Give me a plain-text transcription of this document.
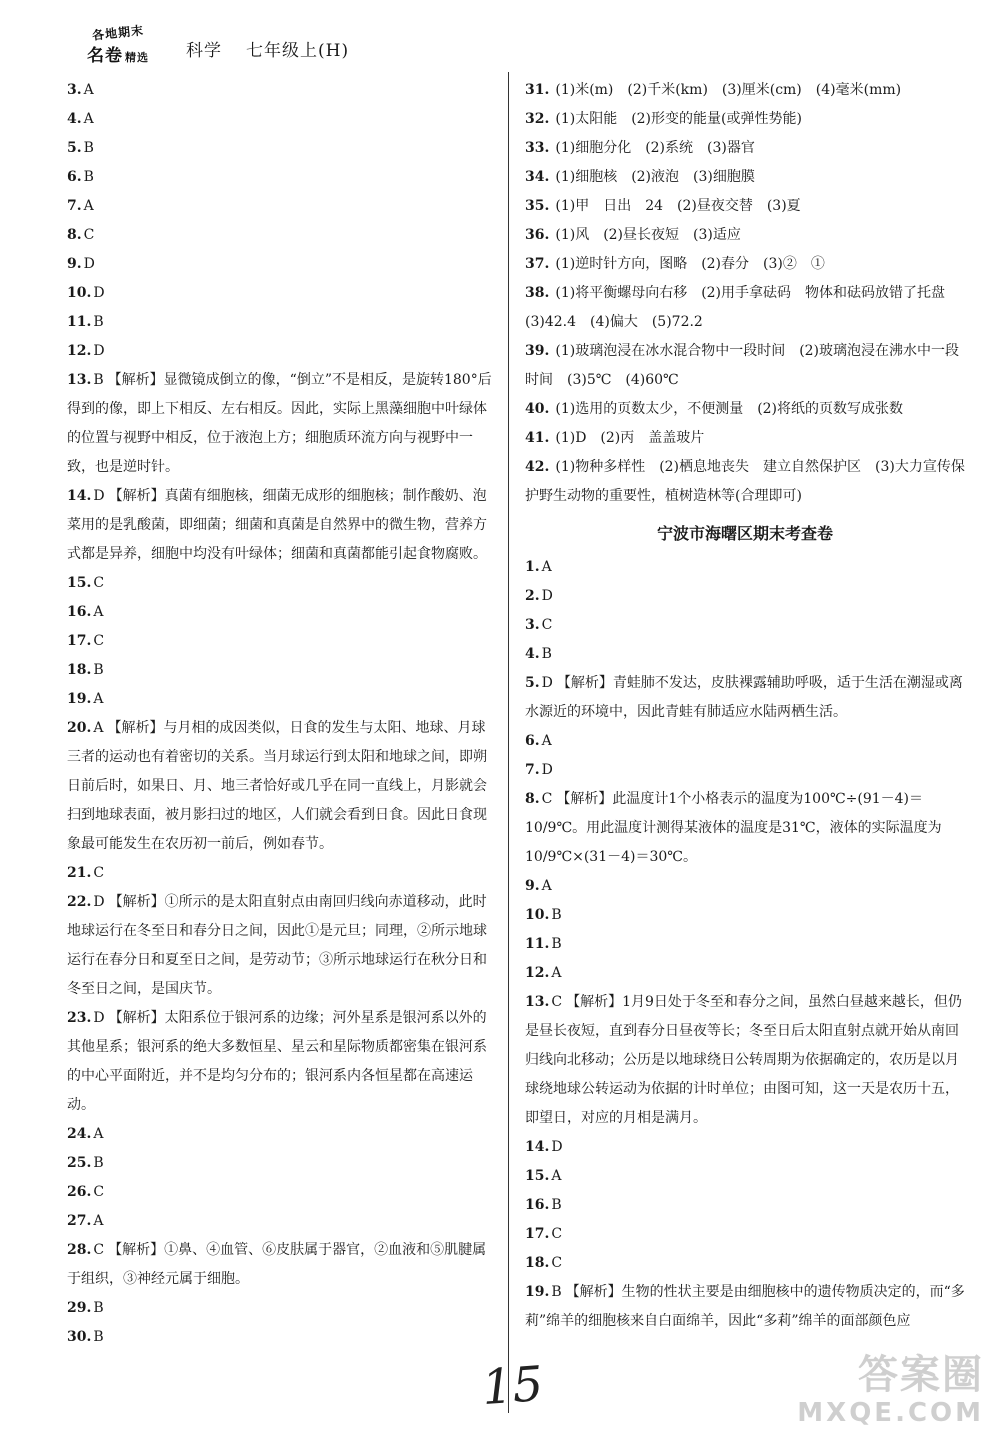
各地期末
名卷 精选 科学 七年级上(H)
3. A
4. A
5. B
6. B
7. A
8. C
9. D
10. D
11. B
12. D
13. B 【解析】显微镜成倒立的像，“倒立”不是相反，是旋转180°后得到的像，即上下相反、左右相反。因此，实际上黑藻细胞中叶绿体的位置与视野中相反，位于液泡上方；细胞质环流方向与视野中一致，也是逆时针。
14. D 【解析】真菌有细胞核，细菌无成形的细胞核；制作酸奶、泡菜用的是乳酸菌，即细菌；细菌和真菌是自然界中的微生物，营养方式都是异养，细胞中均没有叶绿体；细菌和真菌都能引起食物腐败。
15. C
16. A
17. C
18. B
19. A
20. A 【解析】与月相的成因类似，日食的发生与太阳、地球、月球三者的运动也有着密切的关系。当月球运行到太阳和地球之间，即朔日前后时，如果日、月、地三者恰好或几乎在同一直线上，月影就会扫到地球表面，被月影扫过的地区，人们就会看到日食。因此日食现象最可能发生在农历初一前后，例如春节。
21. C
22. D 【解析】①所示的是太阳直射点由南回归线向赤道移动，此时地球运行在冬至日和春分日之间，因此①是元旦；同理，②所示地球运行在春分日和夏至日之间，是劳动节；③所示地球运行在秋分日和冬至日之间，是国庆节。
23. D 【解析】太阳系位于银河系的边缘；河外星系是银河系以外的其他星系；银河系的绝大多数恒星、星云和星际物质都密集在银河系的中心平面附近，并不是均匀分布的；银河系内各恒星都在高速运动。
24. A
25. B
26. C
27. A
28. C 【解析】①鼻、④血管、⑥皮肤属于器官，②血液和⑤肌腱属于组织，③神经元属于细胞。
29. B
30. B
31. (1)米(m)　(2)千米(km)　(3)厘米(cm)　(4)毫米(mm)
32. (1)太阳能　(2)形变的能量(或弹性势能)
33. (1)细胞分化　(2)系统　(3)器官
34. (1)细胞核　(2)液泡　(3)细胞膜
35. (1)甲　日出　24　(2)昼夜交替　(3)夏
36. (1)风　(2)昼长夜短　(3)适应
37. (1)逆时针方向，图略　(2)春分　(3)②　①
38. (1)将平衡螺母向右移　(2)用手拿砝码　物体和砝码放错了托盘　(3)42.4　(4)偏大　(5)72.2
39. (1)玻璃泡浸在冰水混合物中一段时间　(2)玻璃泡浸在沸水中一段时间　(3)5℃　(4)60℃
40. (1)选用的页数太少，不便测量　(2)将纸的页数写成张数
41. (1)D　(2)丙　盖盖玻片
42. (1)物种多样性　(2)栖息地丧失　建立自然保护区　(3)大力宣传保护野生动物的重要性，植树造林等(合理即可)
宁波市海曙区期末考查卷
1. A
2. D
3. C
4. B
5. D 【解析】青蛙肺不发达，皮肤裸露辅助呼吸，适于生活在潮湿或离水源近的环境中，因此青蛙有肺适应水陆两栖生活。
6. A
7. D
8. C 【解析】此温度计1个小格表示的温度为100℃÷(91－4)＝10/9℃。用此温度计测得某液体的温度是31℃，液体的实际温度为10/9℃×(31－4)＝30℃。
9. A
10. B
11. B
12. A
13. C 【解析】1月9日处于冬至和春分之间，虽然白昼越来越长，但仍是昼长夜短，直到春分日昼夜等长；冬至日后太阳直射点就开始从南回归线向北移动；公历是以地球绕日公转周期为依据确定的，农历是以月球绕地球公转运动为依据的计时单位；由图可知，这一天是农历十五，即望日，对应的月相是满月。
14. D
15. A
16. B
17. C
18. C
19. B 【解析】生物的性状主要是由细胞核中的遗传物质决定的，而“多莉”绵羊的细胞核来自白面绵羊，因此“多莉”绵羊的面部颜色应
15	答案圈
MXQE.COM
